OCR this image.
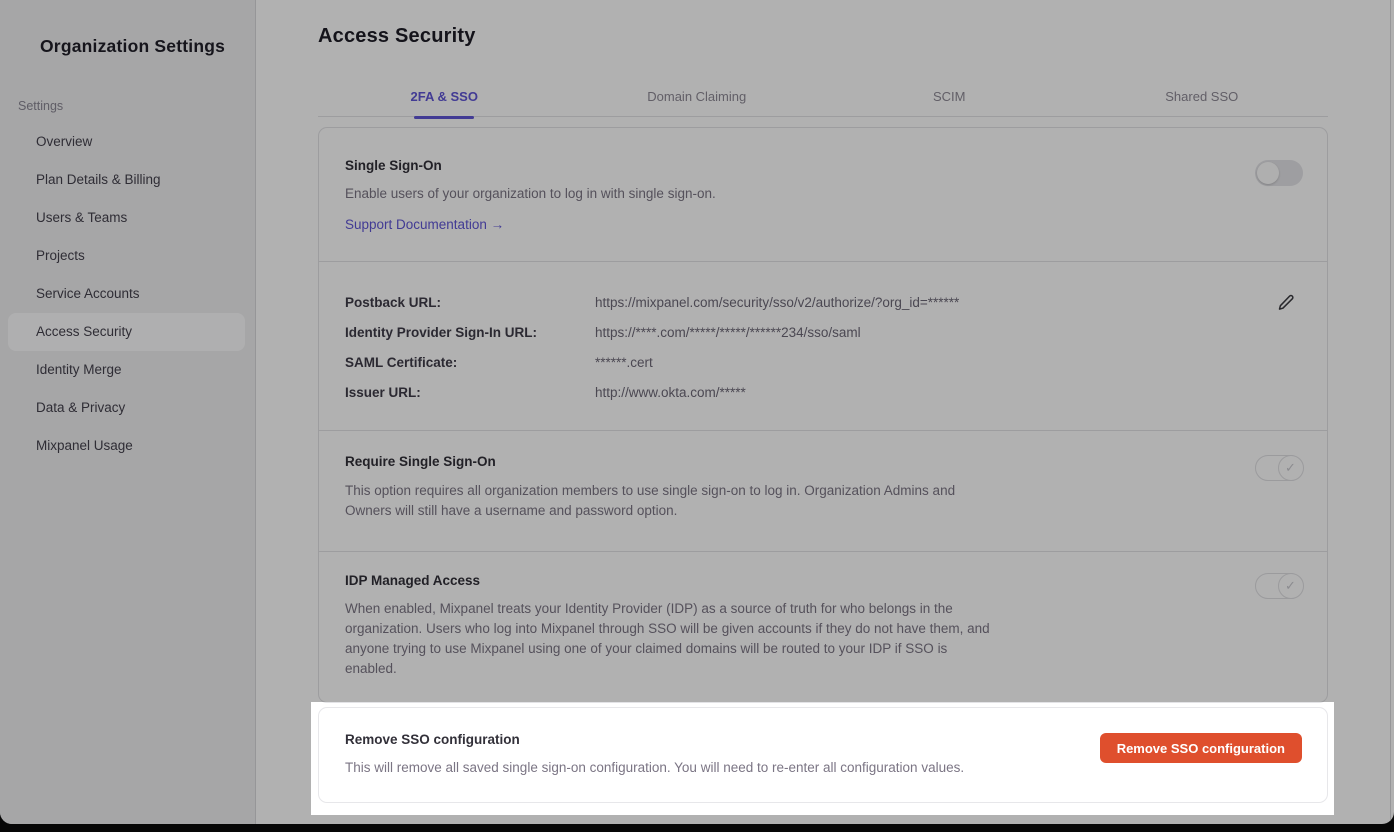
Organization Settings
Settings
Overview
Plan Details & Billing
Users & Teams
Projects
Service Accounts
Access Security
Identity Merge
Data & Privacy
Mixpanel Usage
Access Security
2FA & SSO	Domain Claiming	SCIM	Shared SSO
Single Sign-On
Enable users of your organization to log in with single sign-on.
Support Documentation →
Postback URL:	https://mixpanel.com/security/sso/v2/authorize/?org_id=******
Identity Provider Sign-In URL:	https://****.com/*****/*****/******234/sso/saml
SAML Certificate:	******.cert
Issuer URL:	http://www.okta.com/*****
Require Single Sign-On
This option requires all organization members to use single sign-on to log in. Organization Admins and Owners will still have a username and password option.
✓
IDP Managed Access
When enabled, Mixpanel treats your Identity Provider (IDP) as a source of truth for who belongs in the organization. Users who log into Mixpanel through SSO will be given accounts if they do not have them, and anyone trying to use Mixpanel using one of your claimed domains will be routed to your IDP if SSO is enabled.
✓
Remove SSO configuration
This will remove all saved single sign-on configuration. You will need to re-enter all configuration values.
Remove SSO configuration
